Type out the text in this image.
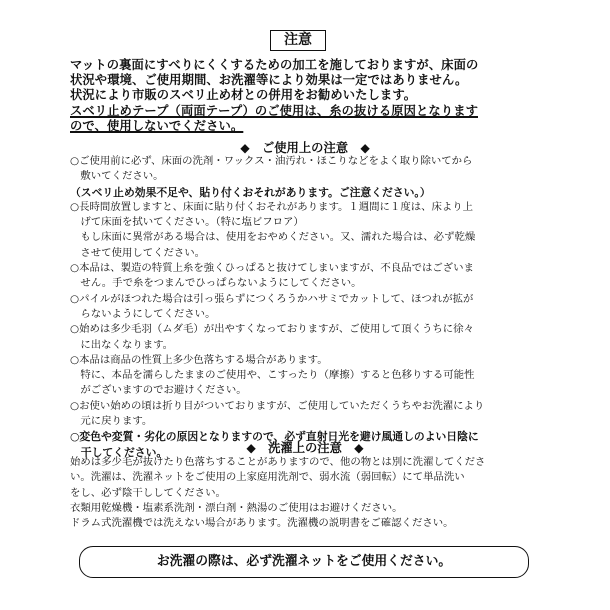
注意
マットの裏面にすべりにくくするための加工を施しておりますが、床面の
状況や環境、ご使用期間、お洗濯等により効果は一定ではありません。
状況により市販のスベリ止め材との併用をお勧めいたします。
スベリ止めテープ（両面テープ）のご使用は、糸の抜ける原因となります
ので、使用しないでください。
◆　ご使用上の注意　◆
○ご使用前に必ず、床面の洗剤・ワックス・油汚れ・ほこりなどをよく取り除いてから
　敷いてください。
（スベリ止め効果不足や、貼り付くおそれがあります。ご注意ください。）
○長時間放置しますと、床面に貼り付くおそれがあります。１週間に１度は、床より上
　げて床面を拭いてください。（特に塩ビフロア）
　もし床面に異常がある場合は、使用をおやめください。又、濡れた場合は、必ず乾燥
　させて使用してください。
○本品は、製造の特質上糸を強くひっぱると抜けてしまいますが、不良品ではございま
　せん。手で糸をつまんでひっぱらないようにしてください。
○パイルがほつれた場合は引っ張らずにつくろうかハサミでカットして、ほつれが拡が
　らないようにしてください。
○始めは多少毛羽（ムダ毛）が出やすくなっておりますが、ご使用して頂くうちに徐々
　に出なくなります。
○本品は商品の性質上多少色落ちする場合があります。
　特に、本品を濡らしたままのご使用や、こすったり（摩擦）すると色移りする可能性
　がございますのでお避けください。
○お使い始めの頃は折り目がついておりますが、ご使用していただくうちやお洗濯により
　元に戻ります。
○変色や変質・劣化の原因となりますので、必ず直射日光を避け風通しのよい日陰に
　干してください。	◆　洗濯上の注意　◆
始めは多少毛が抜けたり色落ちすることがありますので、他の物とは別に洗濯してくださ
い。洗濯は、洗濯ネットをご使用の上家庭用洗剤で、弱水流（弱回転）にて単品洗い
をし、必ず陰干ししてください。
衣類用乾燥機・塩素系洗剤・漂白剤・熱湯のご使用はお避けください。
ドラム式洗濯機では洗えない場合があります。洗濯機の説明書をご確認ください。
お洗濯の際は、必ず洗濯ネットをご使用ください。
